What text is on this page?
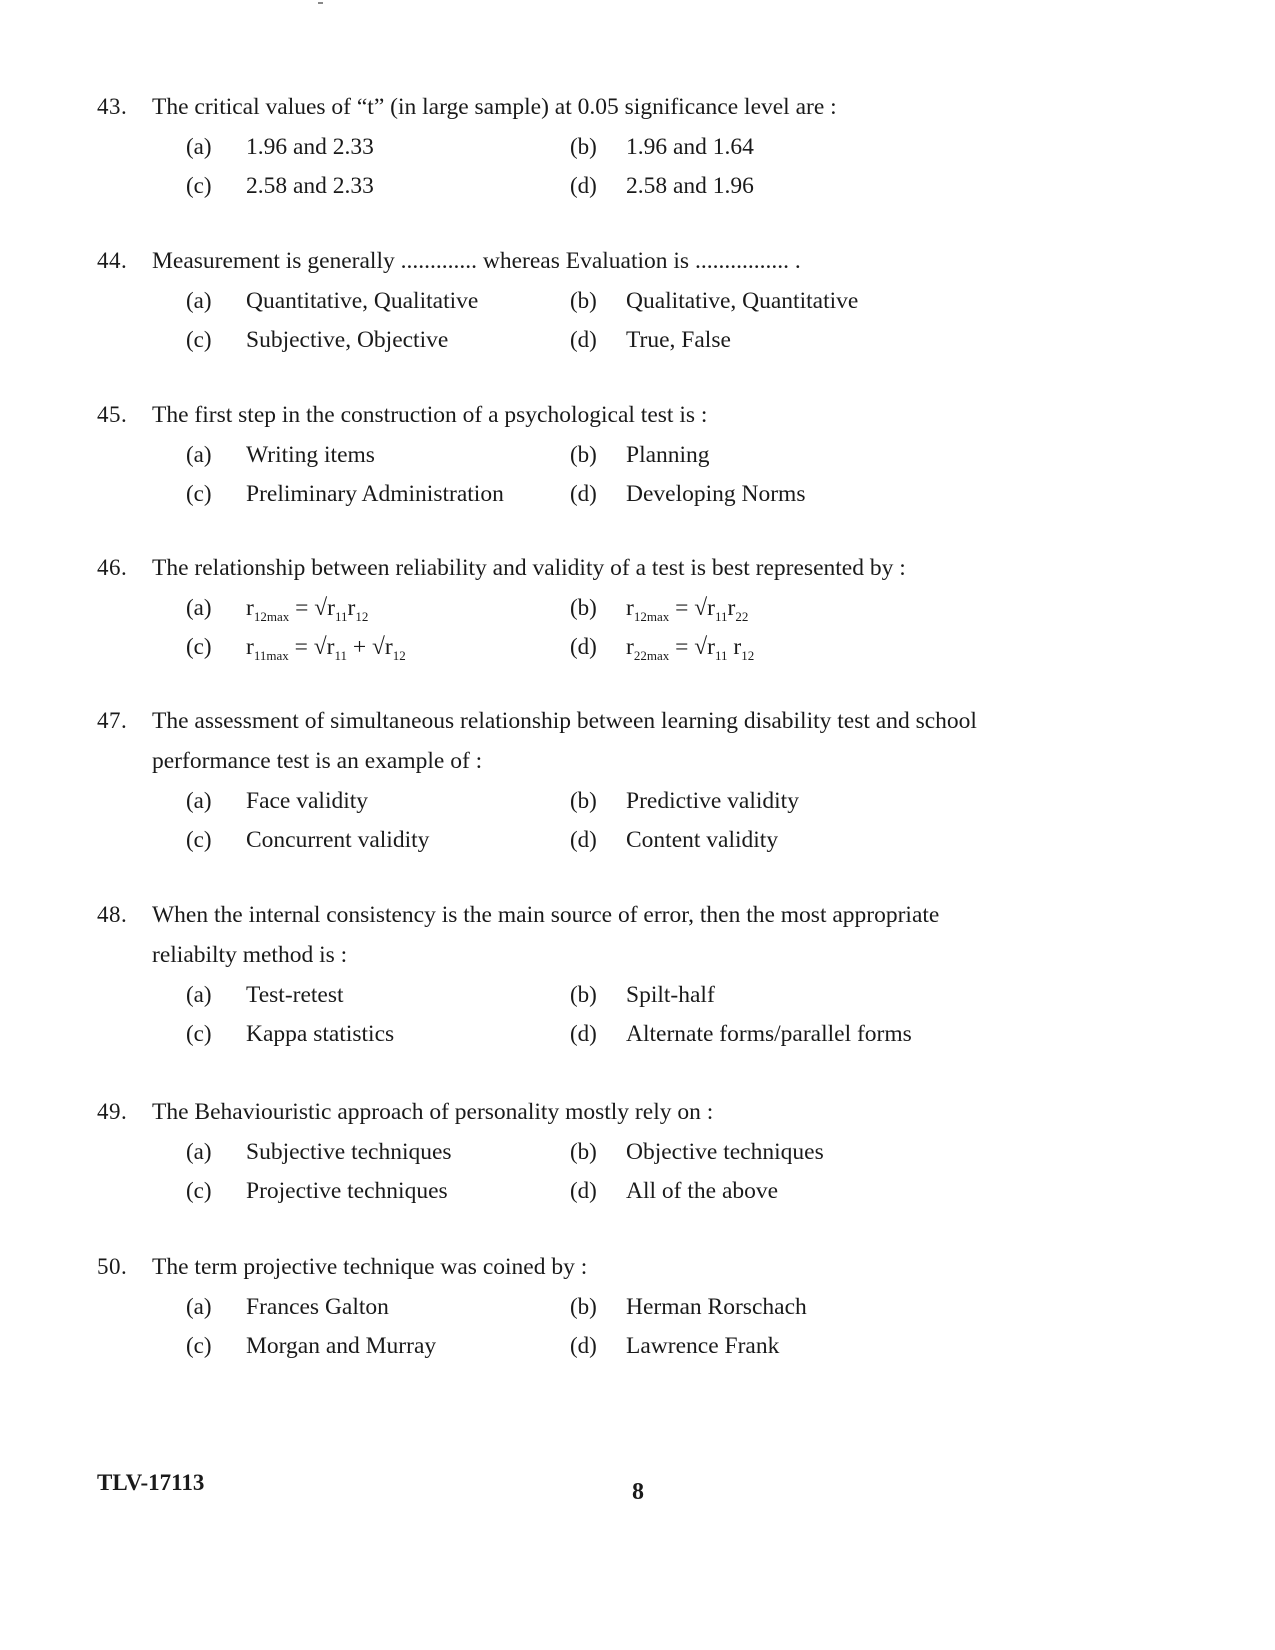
43. The critical values of “t” (in large sample) at 0.05 significance level are :
(a) 1.96 and 2.33	(b) 1.96 and 1.64
(c) 2.58 and 2.33	(d) 2.58 and 1.96
44. Measurement is generally ............. whereas Evaluation is ................ .
(a) Quantitative, Qualitative	(b) Qualitative, Quantitative
(c) Subjective, Objective	(d) True, False
45. The first step in the construction of a psychological test is :
(a) Writing items	(b) Planning
(c) Preliminary Administration	(d) Developing Norms
46. The relationship between reliability and validity of a test is best represented by :
(a) $r_{12max} = √r_{11}r_{12}$	(b) $r_{12max} = √r_{11}r_{22}$
(c) $r_{11max} = √r_{11} + √r_{12}$	(d) $r_{22max} = √r_{11}$ $r_{12}$
47. The assessment of simultaneous relationship between learning disability test and school
performance test is an example of :
(a) Face validity	(b) Predictive validity
(c) Concurrent validity	(d) Content validity
48. When the internal consistency is the main source of error, then the most appropriate
reliabilty method is :
(a) Test-retest	(b) Spilt-half
(c) Kappa statistics	(d) Alternate forms/parallel forms
49. The Behaviouristic approach of personality mostly rely on :
(a) Subjective techniques	(b) Objective techniques
(c) Projective techniques	(d) All of the above
50. The term projective technique was coined by :
(a) Frances Galton	(b) Herman Rorschach
(c) Morgan and Murray	(d) Lawrence Frank
TLV-17113	8
